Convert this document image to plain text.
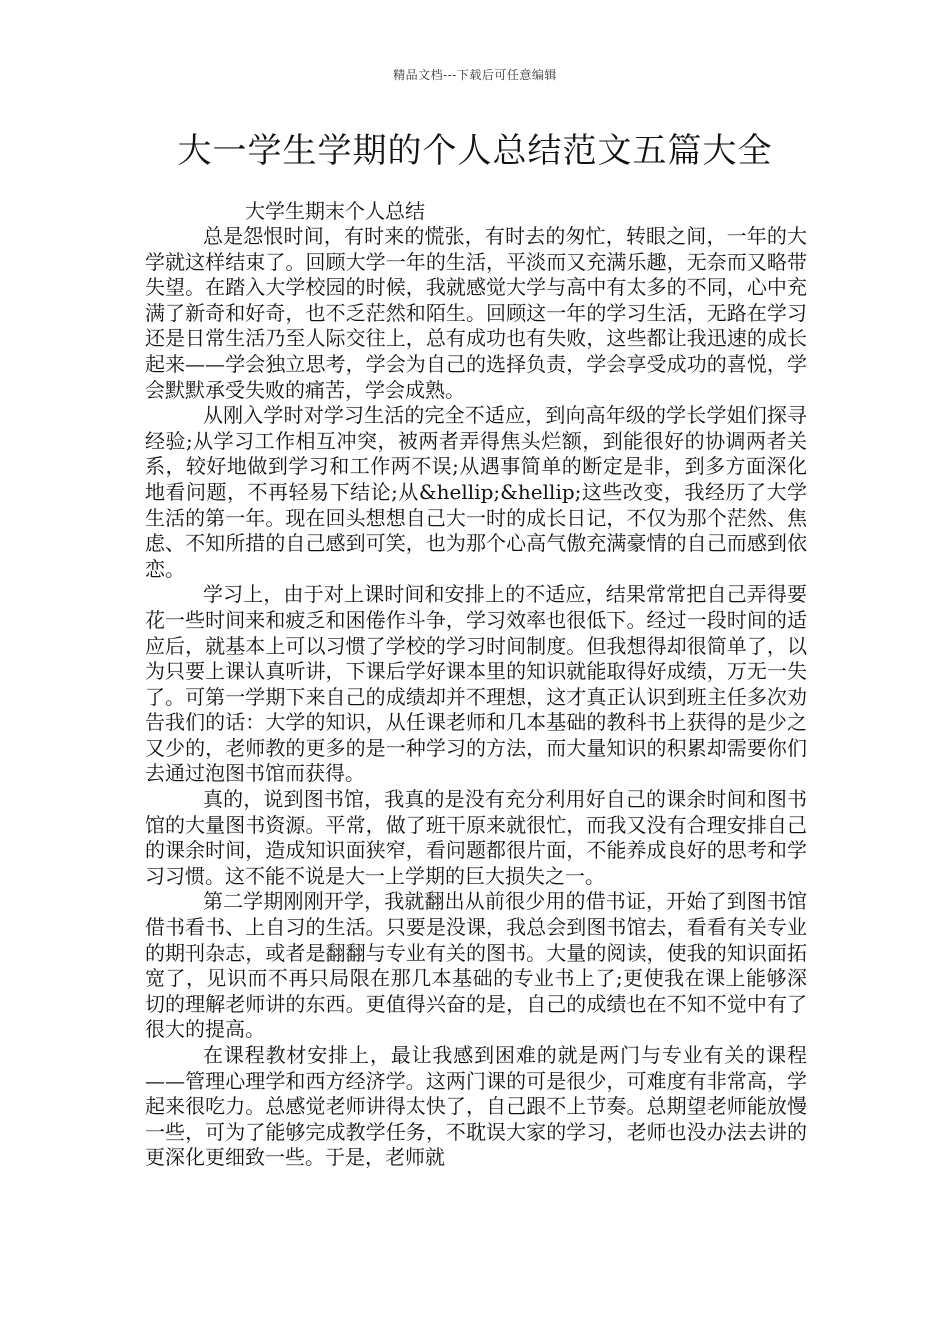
精品文档---下载后可任意编辑
大一学生学期的个人总结范文五篇大全

大学生期末个人总结

总是怨恨时间，有时来的慌张，有时去的匆忙，转眼之间，一年的大学就这样结束了。回顾大学一年的生活，平淡而又充满乐趣，无奈而又略带失望。在踏入大学校园的时候，我就感觉大学与高中有太多的不同，心中充满了新奇和好奇，也不乏茫然和陌生。回顾这一年的学习生活，无路在学习还是日常生活乃至人际交往上，总有成功也有失败，这些都让我迅速的成长起来——学会独立思考，学会为自己的选择负责，学会享受成功的喜悦，学会默默承受失败的痛苦，学会成熟。

从刚入学时对学习生活的完全不适应，到向高年级的学长学姐们探寻经验;从学习工作相互冲突，被两者弄得焦头烂额，到能很好的协调两者关系，较好地做到学习和工作两不误;从遇事简单的断定是非，到多方面深化地看问题，不再轻易下结论;从&hellip;&hellip;这些改变，我经历了大学生活的第一年。现在回头想想自己大一时的成长日记，不仅为那个茫然、焦虑、不知所措的自己感到可笑，也为那个心高气傲充满豪情的自己而感到依恋。

学习上，由于对上课时间和安排上的不适应，结果常常把自己弄得要花一些时间来和疲乏和困倦作斗争，学习效率也很低下。经过一段时间的适应后，就基本上可以习惯了学校的学习时间制度。但我想得却很简单了，以为只要上课认真听讲，下课后学好课本里的知识就能取得好成绩，万无一失了。可第一学期下来自己的成绩却并不理想，这才真正认识到班主任多次劝告我们的话：大学的知识，从任课老师和几本基础的教科书上获得的是少之又少的，老师教的更多的是一种学习的方法，而大量知识的积累却需要你们去通过泡图书馆而获得。

真的，说到图书馆，我真的是没有充分利用好自己的课余时间和图书馆的大量图书资源。平常，做了班干原来就很忙，而我又没有合理安排自己的课余时间，造成知识面狭窄，看问题都很片面，不能养成良好的思考和学习习惯。这不能不说是大一上学期的巨大损失之一。

第二学期刚刚开学，我就翻出从前很少用的借书证，开始了到图书馆借书看书、上自习的生活。只要是没课，我总会到图书馆去，看看有关专业的期刊杂志，或者是翻翻与专业有关的图书。大量的阅读，使我的知识面拓宽了，见识而不再只局限在那几本基础的专业书上了;更使我在课上能够深切的理解老师讲的东西。更值得兴奋的是，自己的成绩也在不知不觉中有了很大的提高。

在课程教材安排上，最让我感到困难的就是两门与专业有关的课程——管理心理学和西方经济学。这两门课的可是很少，可难度有非常高，学起来很吃力。总感觉老师讲得太快了，自己跟不上节奏。总期望老师能放慢一些，可为了能够完成教学任务，不耽误大家的学习，老师也没办法去讲的更深化更细致一些。于是，老师就
